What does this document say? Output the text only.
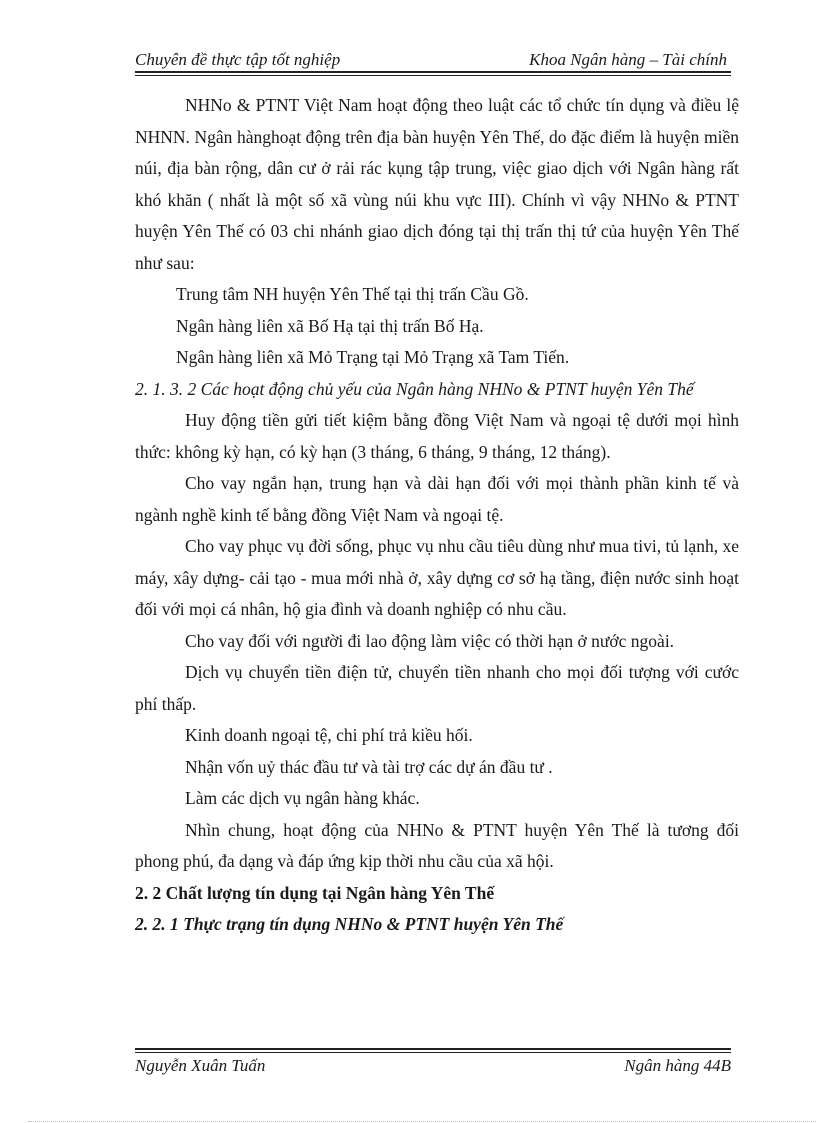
Chuyên đề thực tập tốt nghiệp	Khoa Ngân hàng – Tài chính

NHNo & PTNT Việt Nam hoạt động theo luật các tổ chức tín dụng và điều lệ NHNN. Ngân hànghoạt động trên địa bàn huyện Yên Thế, do đặc điểm là huyện miền núi, địa bàn rộng, dân cư ở rải rác kụng tập trung, việc giao dịch với Ngân hàng rất khó khăn ( nhất là một số xã vùng núi khu vực III). Chính vì vậy NHNo & PTNT huyện Yên Thế có 03 chi nhánh giao dịch đóng tại thị trấn thị tứ của huyện Yên Thế như sau:

Trung tâm NH huyện Yên Thế tại thị trấn Cầu Gồ.

Ngân hàng liên xã Bố Hạ tại thị trấn Bố Hạ.

Ngân hàng liên xã Mỏ Trạng tại Mỏ Trạng xã Tam Tiến.

2. 1. 3. 2 Các hoạt động chủ yếu của Ngân hàng NHNo & PTNT huyện Yên Thế

Huy động tiền gửi tiết kiệm bằng đồng Việt Nam và ngoại tệ dưới mọi hình thức: không kỳ hạn, có kỳ hạn (3 tháng, 6 tháng, 9 tháng, 12 tháng).

Cho vay ngắn hạn, trung hạn và dài hạn đối với mọi thành phần kinh tế và ngành nghề kinh tế bằng đồng Việt Nam và ngoại tệ.

Cho vay phục vụ đời sống, phục vụ nhu cầu tiêu dùng như mua tivi, tủ lạnh, xe máy, xây dựng- cải tạo - mua mới nhà ở, xây dựng cơ sở hạ tầng, điện nước sinh hoạt đối với mọi cá nhân, hộ gia đình và doanh nghiệp có nhu cầu.

Cho vay đối với người đi lao động làm việc có thời hạn ở nước ngoài.

Dịch vụ chuyển tiền điện tử, chuyển tiền nhanh cho mọi đối tượng với cước phí thấp.

Kinh doanh ngoại tệ, chi phí trả kiều hối.

Nhận vốn uỷ thác đầu tư và tài trợ các dự án đầu tư .

Làm các dịch vụ ngân hàng khác.

Nhìn chung, hoạt động của NHNo & PTNT huyện Yên Thế là tương đối phong phú, đa dạng và đáp ứng kịp thời nhu cầu của xã hội.

2. 2 Chất lượng tín dụng tại Ngân hàng Yên Thế

2. 2. 1 Thực trạng tín dụng NHNo & PTNT huyện Yên Thế

Nguyễn Xuân Tuấn	Ngân hàng 44B
